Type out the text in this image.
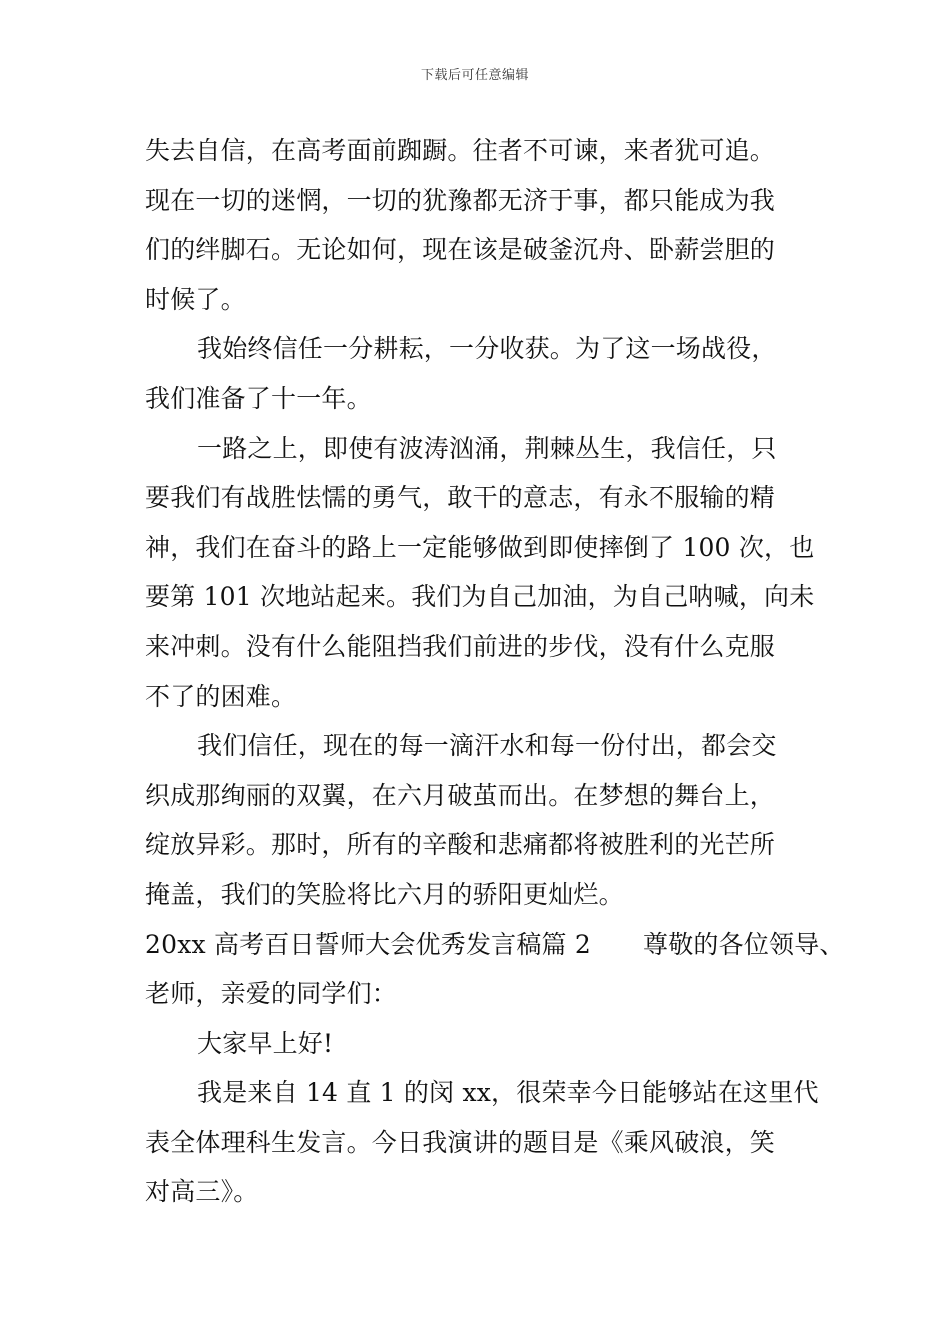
下载后可任意编辑
失去自信，在高考面前踟蹰。往者不可谏，来者犹可追。
现在一切的迷惘，一切的犹豫都无济于事，都只能成为我
们的绊脚石。无论如何，现在该是破釜沉舟、卧薪尝胆的
时候了。
我始终信任一分耕耘，一分收获。为了这一场战役，
我们准备了十一年。
一路之上，即使有波涛汹涌，荆棘丛生，我信任，只
要我们有战胜怯懦的勇气，敢干的意志，有永不服输的精
神，我们在奋斗的路上一定能够做到即使摔倒了 100 次，也
要第 101 次地站起来。我们为自己加油，为自己呐喊，向未
来冲刺。没有什么能阻挡我们前进的步伐，没有什么克服
不了的困难。
我们信任，现在的每一滴汗水和每一份付出，都会交
织成那绚丽的双翼，在六月破茧而出。在梦想的舞台上，
绽放异彩。那时，所有的辛酸和悲痛都将被胜利的光芒所
掩盖，我们的笑脸将比六月的骄阳更灿烂。
20xx 高考百日誓师大会优秀发言稿篇 2 尊敬的各位领导、
老师，亲爱的同学们：
大家早上好!
我是来自 14 直 1 的闵 xx，很荣幸今日能够站在这里代
表全体理科生发言。今日我演讲的题目是《乘风破浪，笑
对高三》。
